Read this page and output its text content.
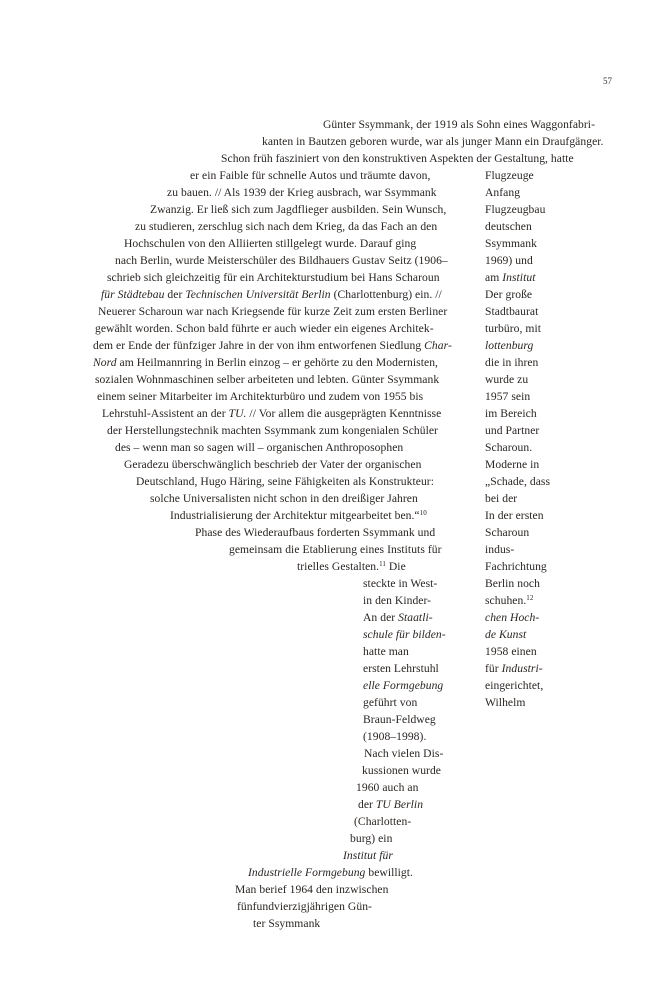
57
Günter Ssymmank, der 1919 als Sohn eines Waggonfabri-
kanten in Bautzen geboren wurde, war als junger Mann ein Draufgänger.
Schon früh fasziniert von den konstruktiven Aspekten der Gestaltung, hatte
er ein Faible für schnelle Autos und träumte davon,
zu bauen. // Als 1939 der Krieg ausbrach, war Ssymmank
Zwanzig. Er ließ sich zum Jagdflieger ausbilden. Sein Wunsch,
zu studieren, zerschlug sich nach dem Krieg, da das Fach an den
Hochschulen von den Alliierten stillgelegt wurde. Darauf ging
nach Berlin, wurde Meisterschüler des Bildhauers Gustav Seitz (1906–
schrieb sich gleichzeitig für ein Architekturstudium bei Hans Scharoun
für Städtebau der Technischen Universität Berlin (Charlottenburg) ein. //
Neuerer Scharoun war nach Kriegsende für kurze Zeit zum ersten Berliner
gewählt worden. Schon bald führte er auch wieder ein eigenes Architek-
dem er Ende der fünfziger Jahre in der von ihm entworfenen Siedlung Char-
Nord am Heilmannring in Berlin einzog – er gehörte zu den Modernisten,
sozialen Wohnmaschinen selber arbeiteten und lebten. Günter Ssymmank
einem seiner Mitarbeiter im Architekturbüro und zudem von 1955 bis
Lehrstuhl-Assistent an der TU. // Vor allem die ausgeprägten Kenntnisse
der Herstellungstechnik machten Ssymmank zum kongenialen Schüler
des – wenn man so sagen will – organischen Anthroposophen
Geradezu überschwänglich beschrieb der Vater der organischen
Deutschland, Hugo Häring, seine Fähigkeiten als Konstrukteur:
solche Universalisten nicht schon in den dreißiger Jahren
Industrialisierung der Architektur mitgearbeitet ben.“$^{10}$
Phase des Wiederaufbaus forderten Ssymmank und
gemeinsam die Etablierung eines Instituts für
trielles Gestalten.$^{11}$ Die
steckte in West-
in den Kinder-
An der Staatli-
schule für bilden-
hatte man
ersten Lehrstuhl
elle Formgebung
geführt von
Braun-Feldweg
(1908–1998).
Nach vielen Dis-
kussionen wurde
1960 auch an
der TU Berlin
(Charlotten-
burg) ein
Institut für
Industrielle Formgebung bewilligt.
Man berief 1964 den inzwischen
fünfundvierzigjährigen Gün-
ter Ssymmank
Flugzeuge
Anfang
Flugzeugbau
deutschen
Ssymmank
1969) und
am Institut
Der große
Stadtbaurat
turbüro, mit
lottenburg
die in ihren
wurde zu
1957 sein
im Bereich
und Partner
Scharoun.
Moderne in
„Schade, dass
bei der
In der ersten
Scharoun
indus-
Fachrichtung
Berlin noch
schuhen.$^{12}$
chen Hoch-
de Kunst
1958 einen
für Industri-
eingerichtet,
Wilhelm
